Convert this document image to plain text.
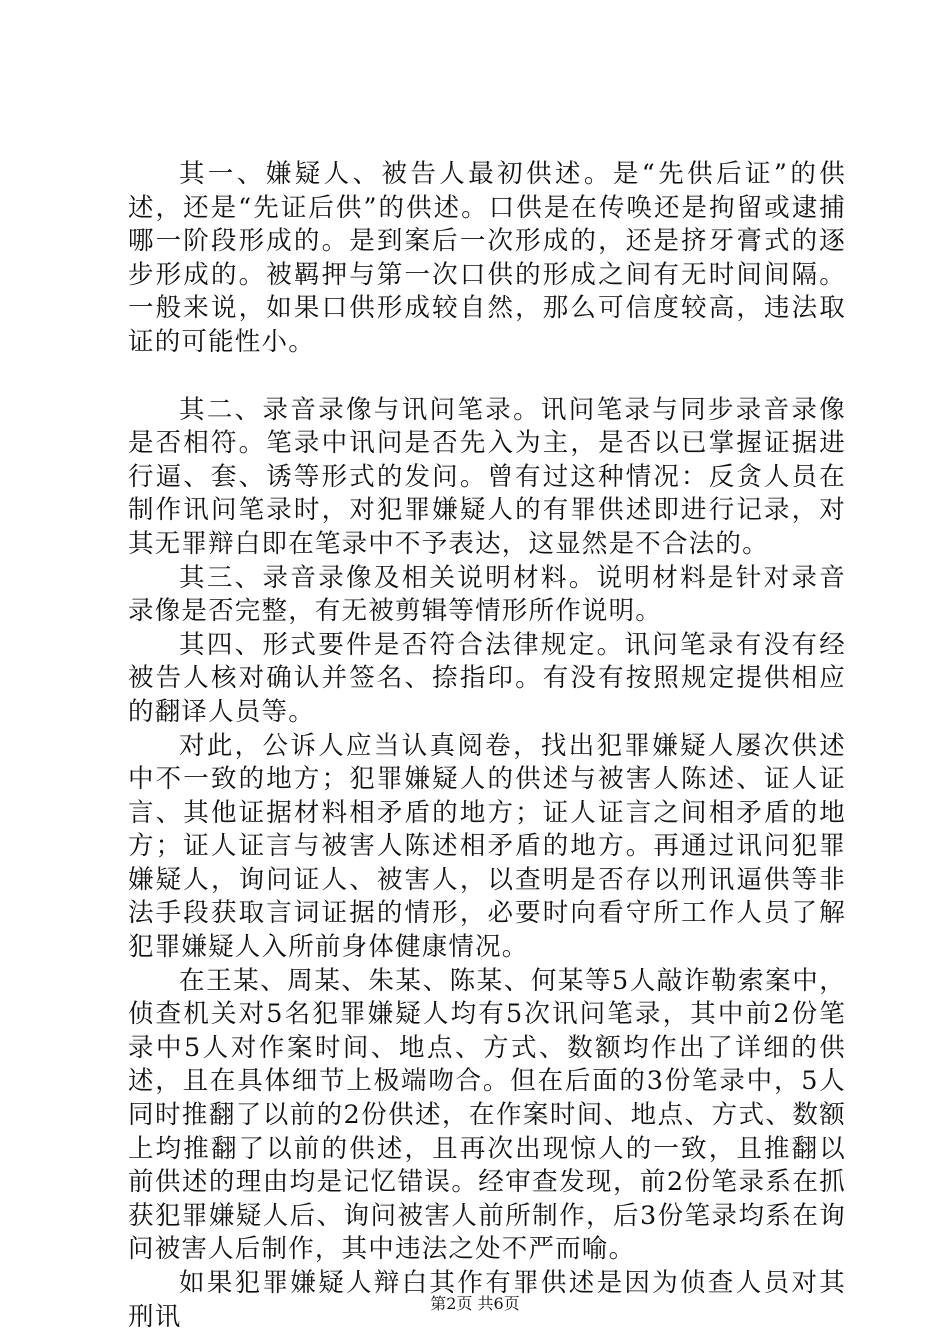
其一、嫌疑人、被告人最初供述。是“先供后证”的供述，还是“先证后供”的供述。口供是在传唤还是拘留或逮捕哪一阶段形成的。是到案后一次形成的，还是挤牙膏式的逐步形成的。被羁押与第一次口供的形成之间有无时间间隔。一般来说，如果口供形成较自然，那么可信度较高，违法取证的可能性小。

其二、录音录像与讯问笔录。讯问笔录与同步录音录像是否相符。笔录中讯问是否先入为主，是否以已掌握证据进行逼、套、诱等形式的发问。曾有过这种情况：反贪人员在制作讯问笔录时，对犯罪嫌疑人的有罪供述即进行记录，对其无罪辩白即在笔录中不予表达，这显然是不合法的。

其三、录音录像及相关说明材料。说明材料是针对录音录像是否完整，有无被剪辑等情形所作说明。

其四、形式要件是否符合法律规定。讯问笔录有没有经被告人核对确认并签名、捺指印。有没有按照规定提供相应的翻译人员等。

对此，公诉人应当认真阅卷，找出犯罪嫌疑人屡次供述中不一致的地方；犯罪嫌疑人的供述与被害人陈述、证人证言、其他证据材料相矛盾的地方；证人证言之间相矛盾的地方；证人证言与被害人陈述相矛盾的地方。再通过讯问犯罪嫌疑人，询问证人、被害人，以查明是否存以刑讯逼供等非法手段获取言词证据的情形，必要时向看守所工作人员了解犯罪嫌疑人入所前身体健康情况。

在王某、周某、朱某、陈某、何某等5人敲诈勒索案中，侦查机关对5名犯罪嫌疑人均有5次讯问笔录，其中前2份笔录中5人对作案时间、地点、方式、数额均作出了详细的供述，且在具体细节上极端吻合。但在后面的3份笔录中，5人同时推翻了以前的2份供述，在作案时间、地点、方式、数额上均推翻了以前的供述，且再次出现惊人的一致，且推翻以前供述的理由均是记忆错误。经审查发现，前2份笔录系在抓获犯罪嫌疑人后、询问被害人前所制作，后3份笔录均系在询问被害人后制作，其中违法之处不严而喻。

如果犯罪嫌疑人辩白其作有罪供述是因为侦查人员对其刑讯	第2页 共6页
